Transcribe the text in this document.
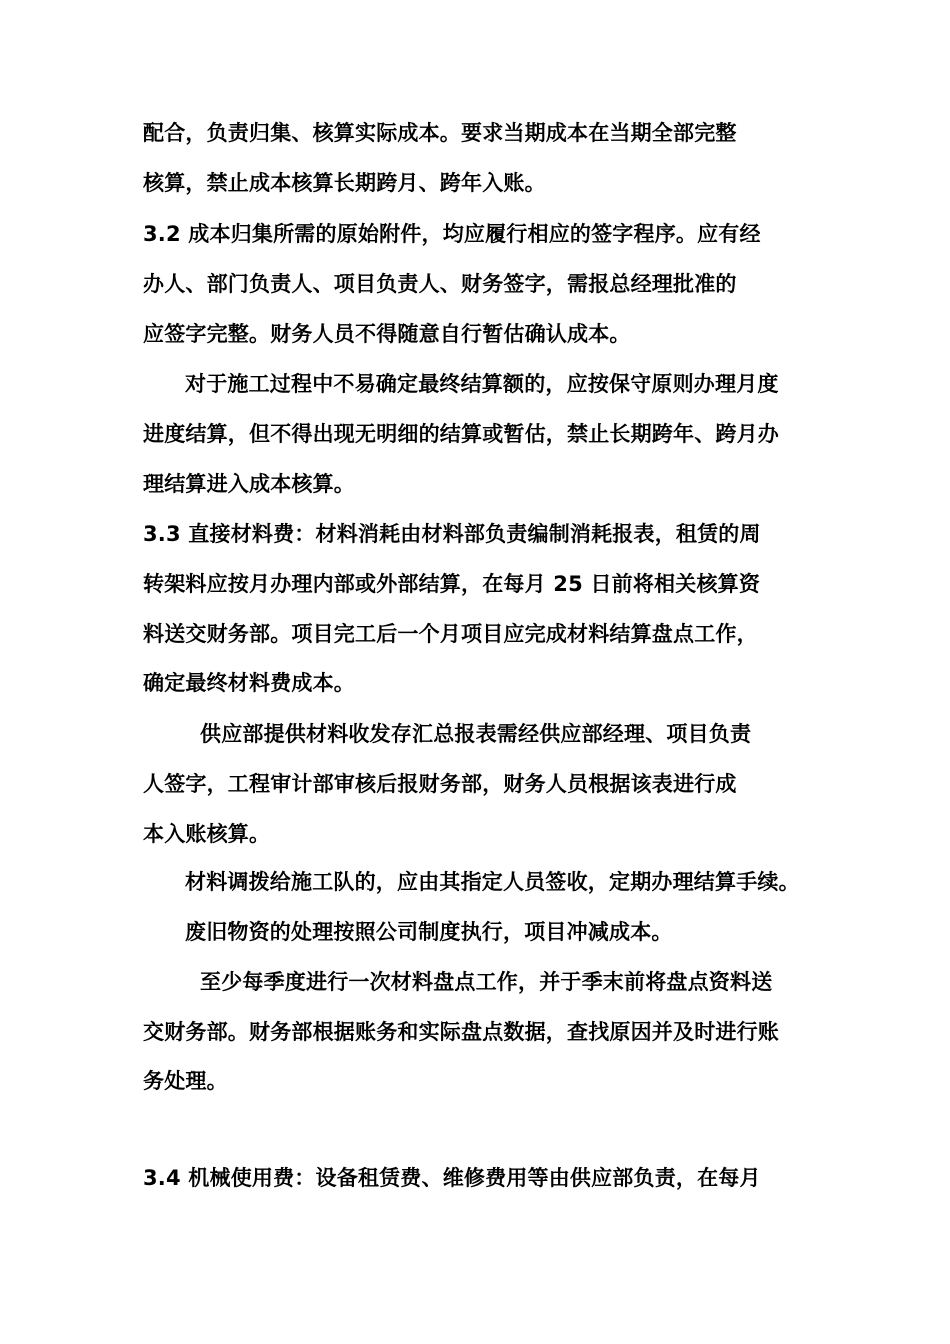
配合，负责归集、核算实际成本。要求当期成本在当期全部完整
核算，禁止成本核算长期跨月、跨年入账。
3.2 成本归集所需的原始附件，均应履行相应的签字程序。应有经
办人、部门负责人、项目负责人、财务签字，需报总经理批准的
应签字完整。财务人员不得随意自行暂估确认成本。
对于施工过程中不易确定最终结算额的，应按保守原则办理月度
进度结算，但不得出现无明细的结算或暂估，禁止长期跨年、跨月办
理结算进入成本核算。
3.3 直接材料费：材料消耗由材料部负责编制消耗报表，租赁的周
转架料应按月办理内部或外部结算，在每月 25 日前将相关核算资
料送交财务部。项目完工后一个月项目应完成材料结算盘点工作，
确定最终材料费成本。
供应部提供材料收发存汇总报表需经供应部经理、项目负责
人签字，工程审计部审核后报财务部，财务人员根据该表进行成
本入账核算。
材料调拨给施工队的，应由其指定人员签收，定期办理结算手续。
废旧物资的处理按照公司制度执行，项目冲减成本。
至少每季度进行一次材料盘点工作，并于季末前将盘点资料送
交财务部。财务部根据账务和实际盘点数据，查找原因并及时进行账
务处理。
3.4 机械使用费：设备租赁费、维修费用等由供应部负责，在每月
